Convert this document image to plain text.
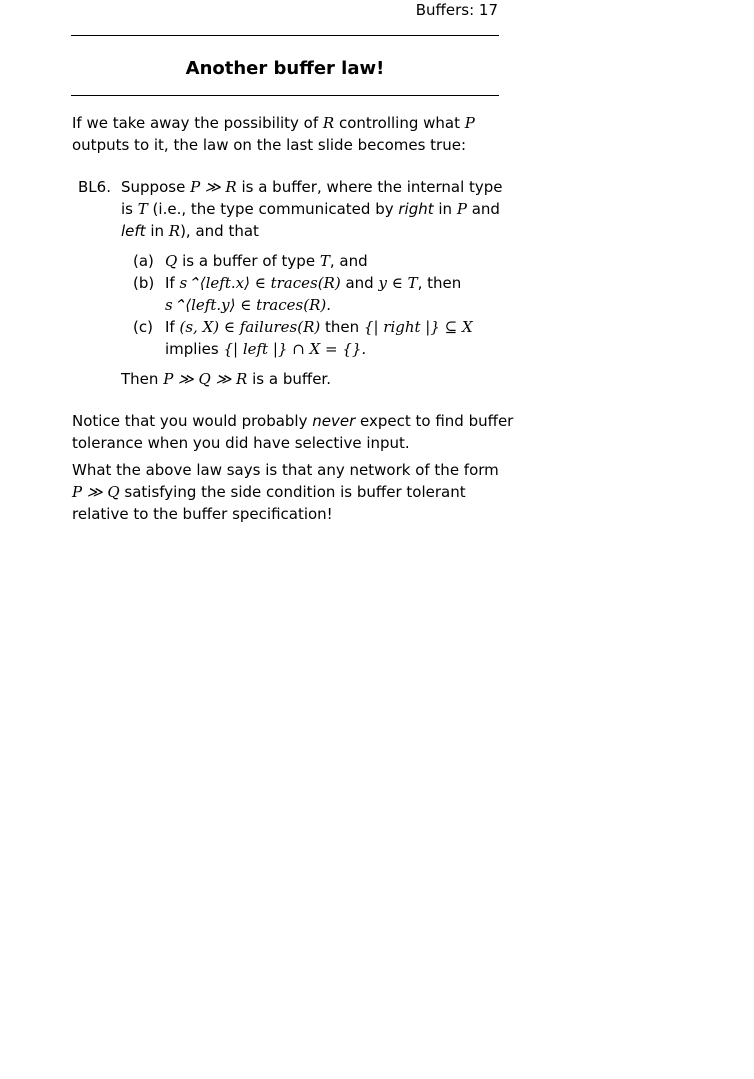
Buffers: 17
Another buffer law!
If we take away the possibility of R controlling what P
outputs to it, the law on the last slide becomes true:
BL6. Suppose P ≫ R is a buffer, where the internal type
is T (i.e., the type communicated by right in P and
left in R), and that
(a) Q is a buffer of type T, and
(b) If s⌃⟨left.x⟩ ∈ traces(R) and y ∈ T, then
s⌃⟨left.y⟩ ∈ traces(R).
(c) If (s, X) ∈ failures(R) then {| right |} ⊆ X
implies {| left |} ∩ X = {}.
Then P ≫ Q ≫ R is a buffer.
Notice that you would probably never expect to find buffer
tolerance when you did have selective input.
What the above law says is that any network of the form
P ≫ Q satisfying the side condition is buffer tolerant
relative to the buffer specification!
